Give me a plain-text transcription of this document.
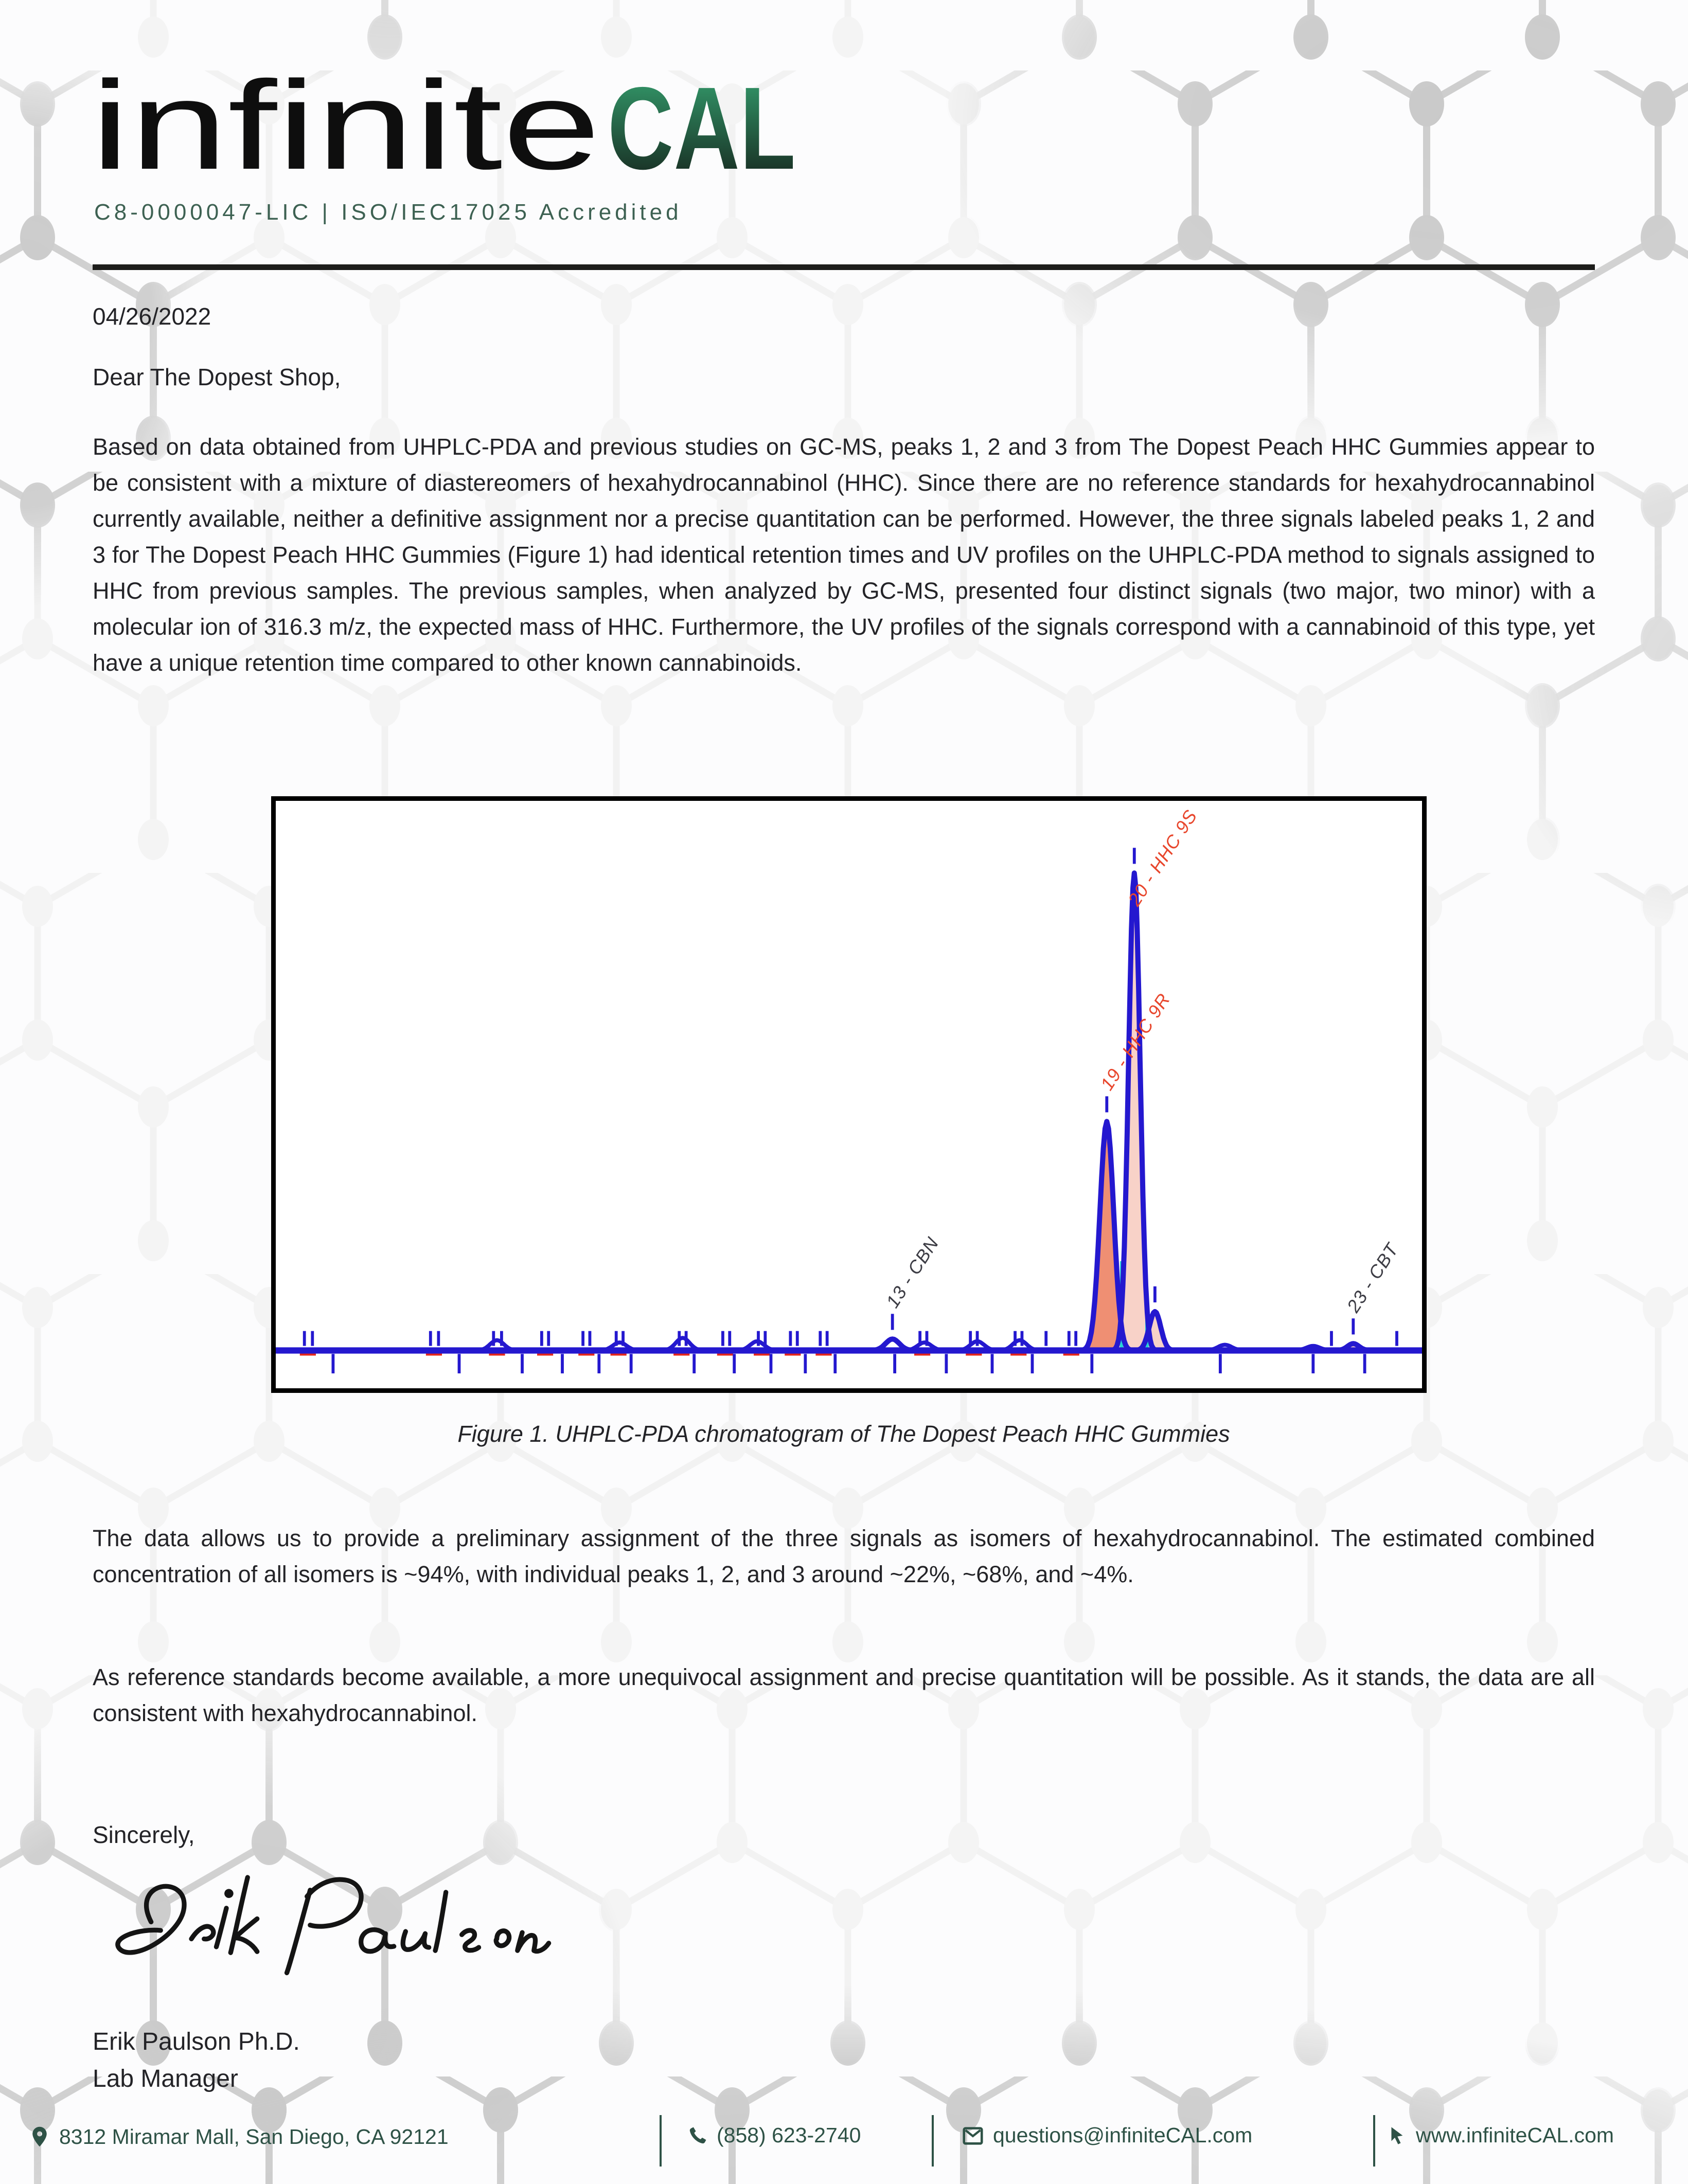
infinite CAL
C8-0000047-LIC | ISO/IEC17025 Accredited
04/26/2022
Dear The Dopest Shop,
Based on data obtained from UHPLC-PDA and previous studies on GC-MS, peaks 1, 2 and 3 from The Dopest Peach HHC Gummies appear to be consistent with a mixture of diastereomers of hexahydrocannabinol (HHC). Since there are no reference standards for hexahydrocannabinol currently available, neither a definitive assignment nor a precise quantitation can be performed. However, the three signals labeled peaks 1, 2 and 3 for The Dopest Peach HHC Gummies (Figure 1) had identical retention times and UV profiles on the UHPLC-PDA method to signals assigned to HHC from previous samples. The previous samples, when analyzed by GC-MS, presented four distinct signals (two major, two minor) with a molecular ion of 316.3 m/z, the expected mass of HHC. Furthermore, the UV profiles of the signals correspond with a cannabinoid of this type, yet have a unique retention time compared to other known cannabinoids.
13 - CBN
19 - HHC 9R
20 - HHC 9S
23 - CBT
Figure 1. UHPLC-PDA chromatogram of The Dopest Peach HHC Gummies
The data allows us to provide a preliminary assignment of the three signals as isomers of hexahydrocannabinol. The estimated combined concentration of all isomers is ~94%, with individual peaks 1, 2, and 3 around ~22%, ~68%, and ~4%.
As reference standards become available, a more unequivocal assignment and precise quantitation will be possible. As it stands, the data are all consistent with hexahydrocannabinol.
Sincerely,
Erik Paulson Ph.D.
Lab Manager
8312 Miramar Mall, San Diego, CA 92121	(858) 623-2740	questions@infiniteCAL.com	www.infiniteCAL.com
